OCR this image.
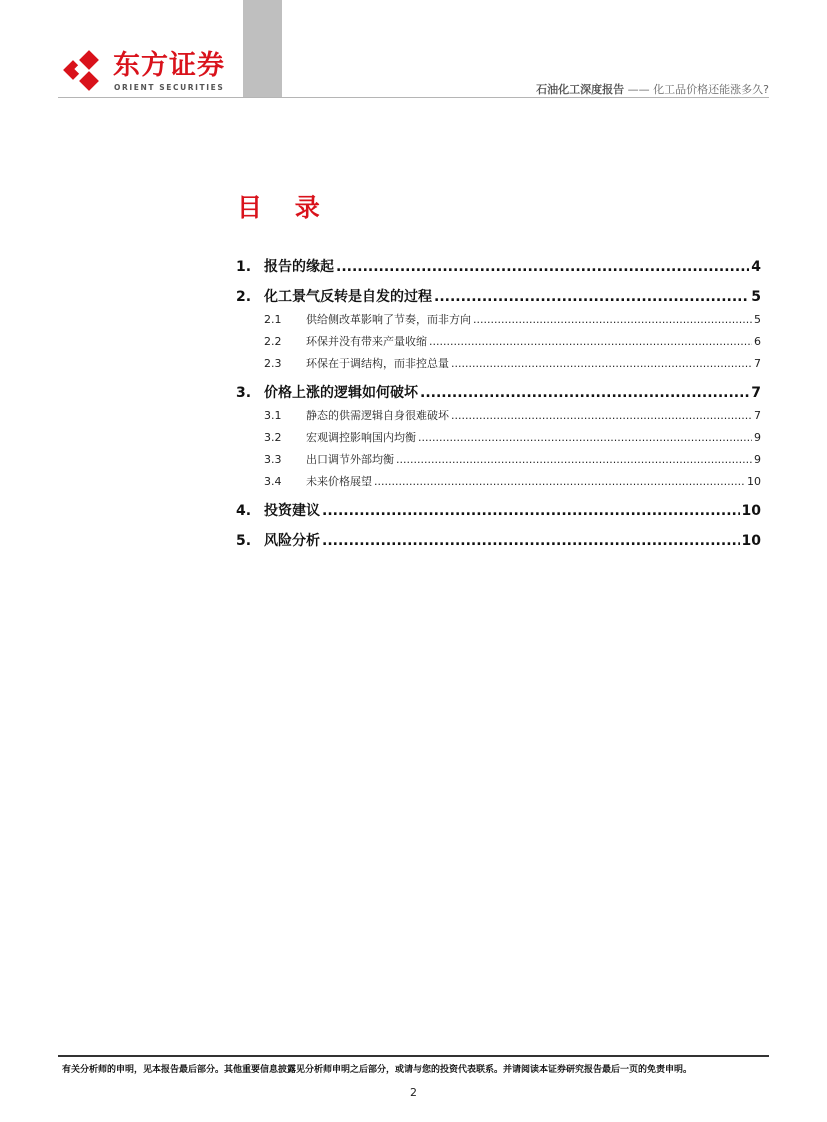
东方证券
ORIENT SECURITIES	石油化工深度报告 —— 化工品价格还能涨多久?
目 录
1. 报告的缘起 .....	4
2. 化工景气反转是自发的过程 .....	5
2.1	供给侧改革影响了节奏，而非方向 .....	5
2.2	环保并没有带来产量收缩 .....	6
2.3	环保在于调结构，而非控总量 .....	7
3. 价格上涨的逻辑如何破坏 .....	7
3.1	静态的供需逻辑自身很难破坏 .....	7
3.2	宏观调控影响国内均衡 .....	9
3.3	出口调节外部均衡 .....	9
3.4	未来价格展望 .....	10
4. 投资建议 .....	10
5. 风险分析 .....	10
有关分析师的申明，见本报告最后部分。其他重要信息披露见分析师申明之后部分，或请与您的投资代表联系。并请阅读本证券研究报告最后一页的免责申明。
2
